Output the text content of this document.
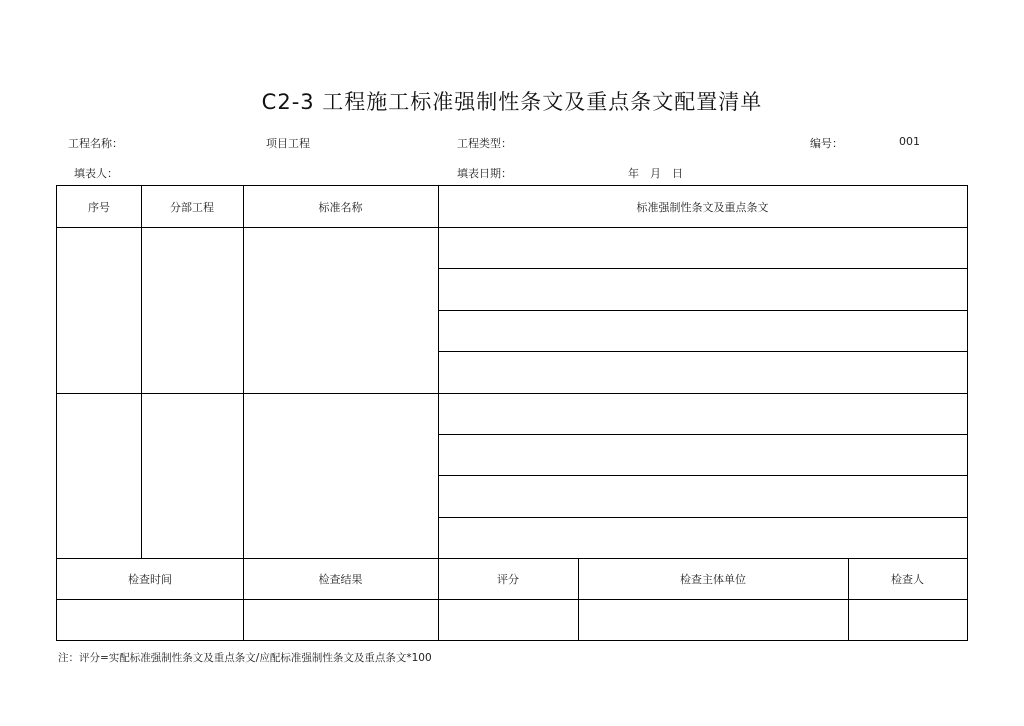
C2-3 工程施工标准强制性条文及重点条文配置清单
工程名称：	项目工程	工程类型：	编号：	001
填表人：	填表日期：	年　月　日
序号	分部工程	标准名称	标准强制性条文及重点条文
检查时间	检查结果	评分	检查主体单位	检查人
注：评分=实配标准强制性条文及重点条文/应配标准强制性条文及重点条文*100
